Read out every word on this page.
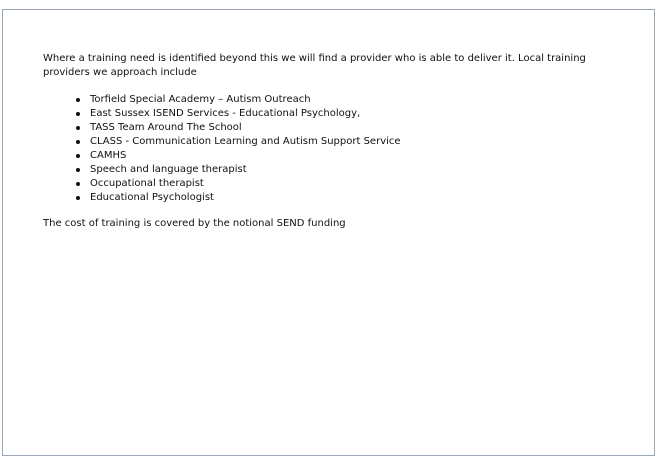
Where a training need is identified beyond this we will find a provider who is able to deliver it. Local training providers we approach include

Torfield Special Academy – Autism Outreach
East Sussex ISEND Services - Educational Psychology,
TASS Team Around The School
CLASS - Communication Learning and Autism Support Service
CAMHS
Speech and language therapist
Occupational therapist
Educational Psychologist

The cost of training is covered by the notional SEND funding
